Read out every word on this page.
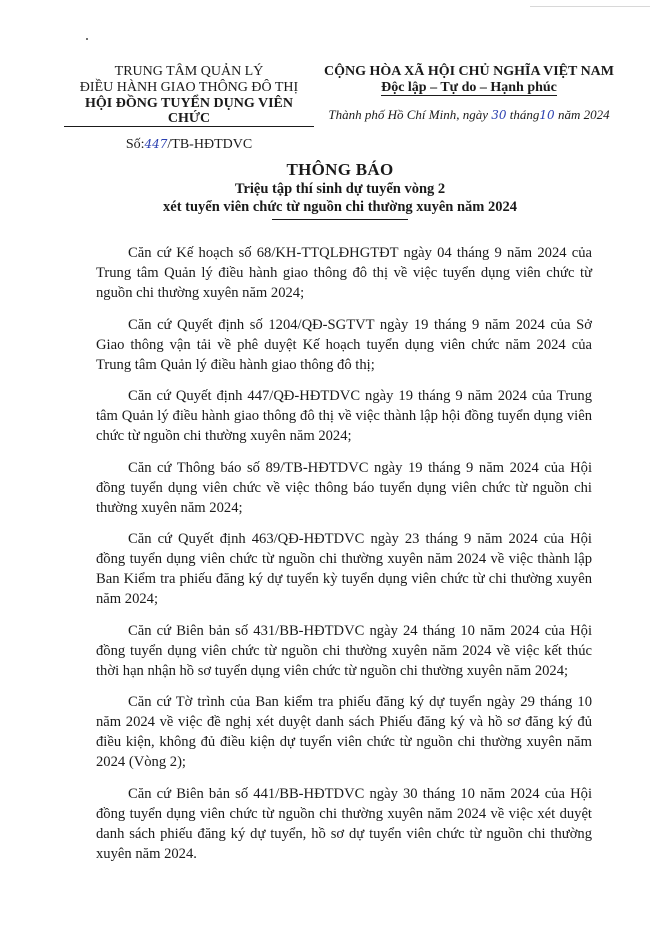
TRUNG TÂM QUẢN LÝ
ĐIỀU HÀNH GIAO THÔNG ĐÔ THỊ
HỘI ĐỒNG TUYỂN DỤNG VIÊN CHỨC
Số:447/TB-HĐTDVC
CỘNG HÒA XÃ HỘI CHỦ NGHĨA VIỆT NAM
Độc lập – Tự do – Hạnh phúc
Thành phố Hồ Chí Minh, ngày 30 tháng10 năm 2024
THÔNG BÁO
Triệu tập thí sinh dự tuyển vòng 2
xét tuyển viên chức từ nguồn chi thường xuyên năm 2024

Căn cứ Kế hoạch số 68/KH-TTQLĐHGTĐT ngày 04 tháng 9 năm 2024 của Trung tâm Quản lý điều hành giao thông đô thị về việc tuyển dụng viên chức từ nguồn chi thường xuyên năm 2024;

Căn cứ Quyết định số 1204/QĐ-SGTVT ngày 19 tháng 9 năm 2024 của Sở Giao thông vận tải về phê duyệt Kế hoạch tuyển dụng viên chức năm 2024 của Trung tâm Quản lý điều hành giao thông đô thị;

Căn cứ Quyết định 447/QĐ-HĐTDVC ngày 19 tháng 9 năm 2024 của Trung tâm Quản lý điều hành giao thông đô thị về việc thành lập hội đồng tuyển dụng viên chức từ nguồn chi thường xuyên năm 2024;

Căn cứ Thông báo số 89/TB-HĐTDVC ngày 19 tháng 9 năm 2024 của Hội đồng tuyển dụng viên chức về việc thông báo tuyển dụng viên chức từ nguồn chi thường xuyên năm 2024;

Căn cứ Quyết định 463/QĐ-HĐTDVC ngày 23 tháng 9 năm 2024 của Hội đồng tuyển dụng viên chức từ nguồn chi thường xuyên năm 2024 về việc thành lập Ban Kiểm tra phiếu đăng ký dự tuyển kỳ tuyển dụng viên chức từ chi thường xuyên năm 2024;

Căn cứ Biên bản số 431/BB-HĐTDVC ngày 24 tháng 10 năm 2024 của Hội đồng tuyển dụng viên chức từ nguồn chi thường xuyên năm 2024 về việc kết thúc thời hạn nhận hồ sơ tuyển dụng viên chức từ nguồn chi thường xuyên năm 2024;

Căn cứ Tờ trình của Ban kiểm tra phiếu đăng ký dự tuyển ngày 29 tháng 10 năm 2024 về việc đề nghị xét duyệt danh sách Phiếu đăng ký và hồ sơ đăng ký đủ điều kiện, không đủ điều kiện dự tuyển viên chức từ nguồn chi thường xuyên năm 2024 (Vòng 2);

Căn cứ Biên bản số 441/BB-HĐTDVC ngày 30 tháng 10 năm 2024 của Hội đồng tuyển dụng viên chức từ nguồn chi thường xuyên năm 2024 về việc xét duyệt danh sách phiếu đăng ký dự tuyển, hồ sơ dự tuyển viên chức từ nguồn chi thường xuyên năm 2024.
